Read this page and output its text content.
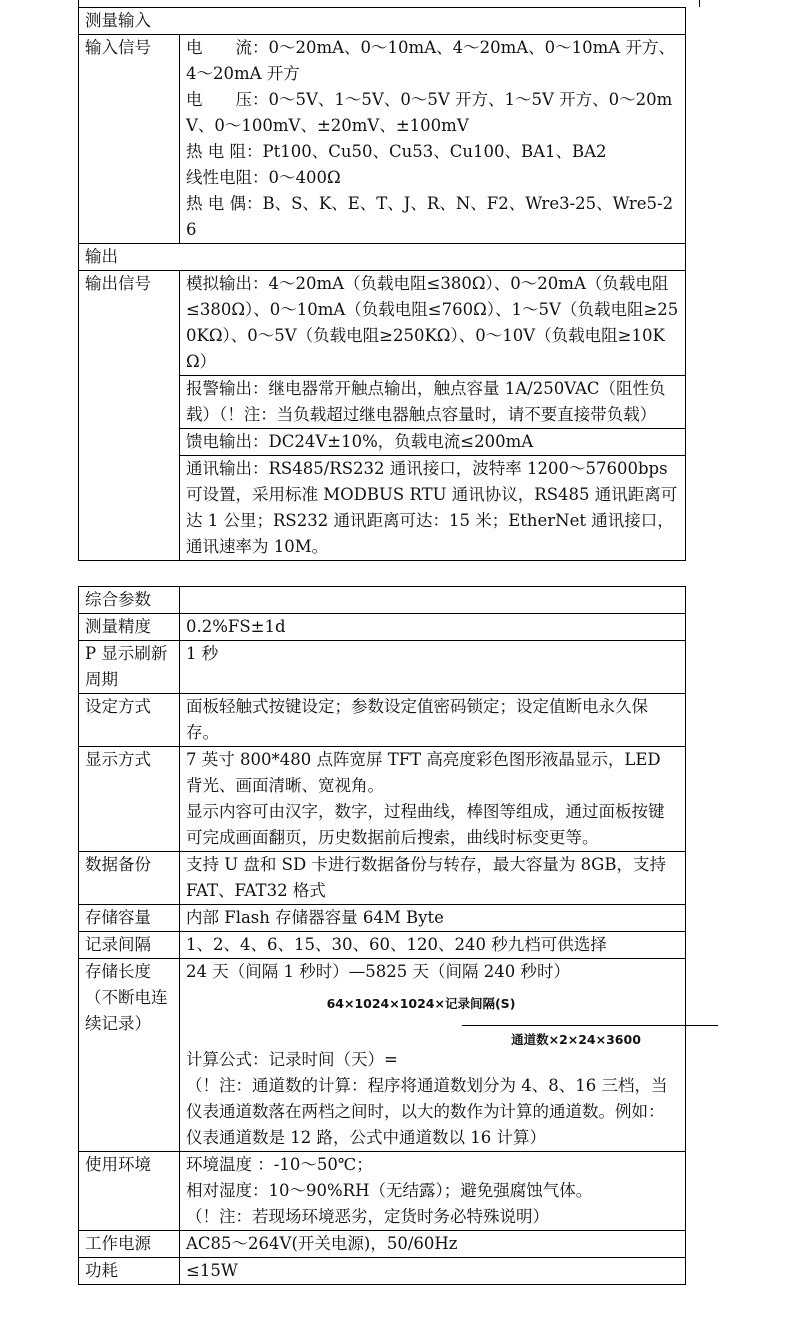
测量输入	
输入信号	电　　流：0～20mA、0～10mA、4～20mA、0～10mA 开方、4～20mA 开方
电　　压：0～5V、1～5V、0～5V 开方、1～5V 开方、0～20mV、0～100mV、±20mV、±100mV
热 电 阻：Pt100、Cu50、Cu53、Cu100、BA1、BA2
线性电阻：0～400Ω
热 电 偶：B、S、K、E、T、J、R、N、F2、Wre3-25、Wre5-26

输出	
输出信号	模拟输出：4～20mA（负载电阻≤380Ω）、0～20mA（负载电阻≤380Ω）、0～10mA（负载电阻≤760Ω）、1～5V（负载电阻≥250KΩ）、0～5V（负载电阻≥250KΩ）、0～10V（负载电阻≥10KΩ）
	报警输出：继电器常开触点输出，触点容量 1A/250VAC（阻性负载）（！注：当负载超过继电器触点容量时，请不要直接带负载）
	馈电输出：DC24V±10%，负载电流≤200mA
	通讯输出：RS485/RS232 通讯接口，波特率 1200～57600bps 可设置，采用标准 MODBUS RTU 通讯协议，RS485 通讯距离可达 1 公里；RS232 通讯距离可达：15 米；EtherNet 通讯接口，通讯速率为 10M。
综合参数	
测量精度	0.2%FS±1d
P 显示刷新周期	1 秒
设定方式	面板轻触式按键设定；参数设定值密码锁定；设定值断电永久保存。
显示方式	7 英寸 800*480 点阵宽屏 TFT 高亮度彩色图形液晶显示，LED 背光、画面清晰、宽视角。
显示内容可由汉字，数字，过程曲线，棒图等组成，通过面板按键可完成画面翻页，历史数据前后搜索，曲线时标变更等。

数据备份	支持 U 盘和 SD 卡进行数据备份与转存，最大容量为 8GB，支持 FAT、FAT32 格式
存储容量	内部 Flash 存储器容量 64M Byte
记录间隔	1、2、4、6、15、30、60、120、240 秒九档可供选择
存储长度（不断电连续记录）	24 天（间隔 1 秒时）—5825 天（间隔 240 秒时）
64×1024×1024×记录间隔(S)
通道数×2×24×3600
计算公式：记录时间（天）=
（！注：通道数的计算：程序将通道数划分为 4、8、16 三档，当仪表通道数落在两档之间时，以大的数作为计算的通道数。例如：仪表通道数是 12 路，公式中通道数以 16 计算）

使用环境	环境温度 ：-10～50℃；
相对湿度：10～90%RH（无结露）；避免强腐蚀气体。
（！注：若现场环境恶劣，定货时务必特殊说明）

工作电源	AC85～264V(开关电源)，50/60Hz
功耗	≤15W
